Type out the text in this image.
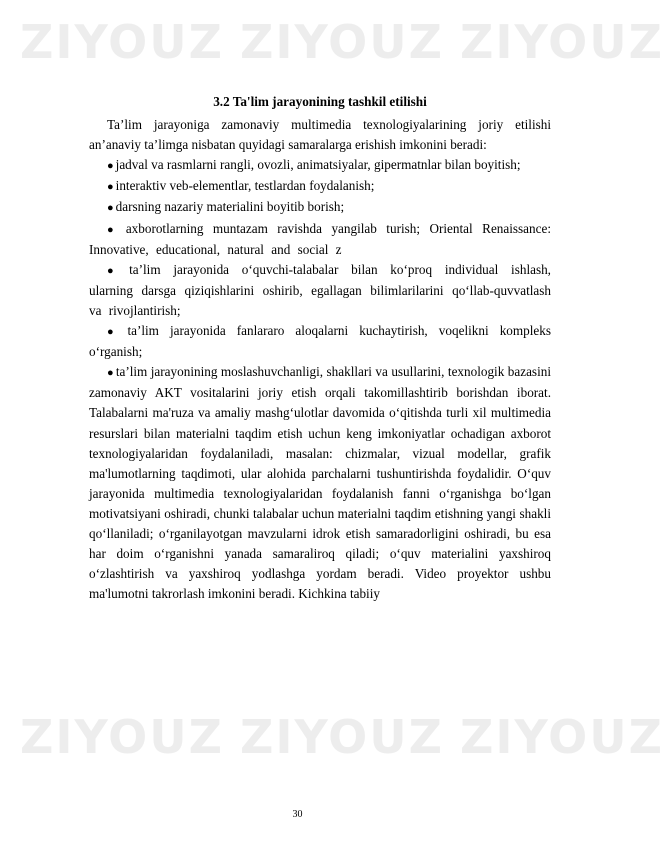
ZIYOUZ ZIYOUZ ZIYOUZ
ZIYOUZ ZIYOUZ ZIYOUZ
3.2 Ta'lim jarayonining tashkil etilishi

Ta’lim jarayoniga zamonaviy multimedia texnologiyalarining joriy etilishi an’anaviy ta’limga nisbatan quyidagi samaralarga erishish imkonini beradi:

● jadval va rasmlarni rangli, ovozli, animatsiyalar, gipermatnlar bilan boyitish;

● interaktiv veb-elementlar, testlardan foydalanish;

● darsning nazariy materialini boyitib borish;

● axborotlarning muntazam ravishda yangilab turish; Oriental Renaissance: Innovative, educational, natural and social z

● ta’lim jarayonida o‘quvchi-talabalar bilan ko‘proq individual ishlash, ularning darsga qiziqishlarini oshirib, egallagan bilimlarilarini qo‘llab-quvvatlash va rivojlantirish;

● ta’lim jarayonida fanlararo aloqalarni kuchaytirish, voqelikni kompleks o‘rganish;

● ta’lim jarayonining moslashuvchanligi, shakllari va usullarini, texnologik bazasini zamonaviy AKT vositalarini joriy etish orqali takomillashtirib borishdan iborat. Talabalarni ma'ruza va amaliy mashg‘ulotlar davomida o‘qitishda turli xil multimedia resurslari bilan materialni taqdim etish uchun keng imkoniyatlar ochadigan axborot texnologiyalaridan foydalaniladi, masalan: chizmalar, vizual modellar, grafik ma'lumotlarning taqdimoti, ular alohida parchalarni tushuntirishda foydalidir. O‘quv jarayonida multimedia texnologiyalaridan foydalanish fanni o‘rganishga bo‘lgan motivatsiyani oshiradi, chunki talabalar uchun materialni taqdim etishning yangi shakli qo‘llaniladi; o‘rganilayotgan mavzularni idrok etish samaradorligini oshiradi, bu esa har doim o‘rganishni yanada samaraliroq qiladi; o‘quv materialini yaxshiroq o‘zlashtirish va yaxshiroq yodlashga yordam beradi. Video proyektor ushbu ma'lumotni takrorlash imkonini beradi. Kichkina tabiiy

30
